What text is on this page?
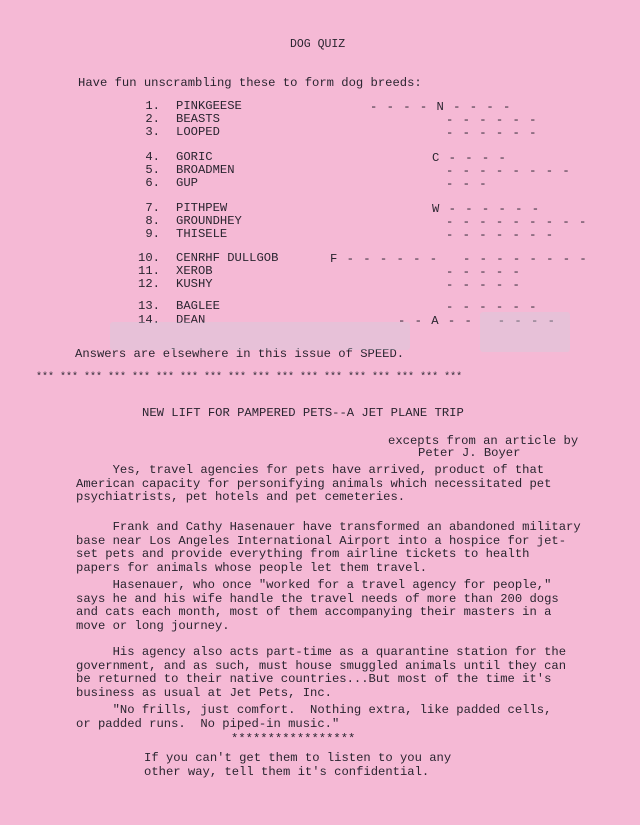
DOG QUIZ
Have fun unscrambling these to form dog breeds:
1. PINKGEESE	- - - - N - - - -
2. BEASTS	- - - - - -
3. LOOPED	- - - - - -
4. GORIC	C - - - -
5. BROADMEN	- - - - - - - -
6. GUP	- - -
7. PITHPEW	W - - - - - -
8. GROUNDHEY	- - - - - - - - -
9. THISELE	- - - - - - -
10. CENRHF DULLGOB	F - - - - - -   - - - - - - - -
11. XEROB	- - - - -
12. KUSHY	- - - - -
13. BAGLEE	- - - - - -
14. DEAN	- - A - -   - - - -
Answers are elsewhere in this issue of SPEED.
*** *** *** *** *** *** *** *** *** *** *** *** *** *** *** *** *** ***
NEW LIFT FOR PAMPERED PETS--A JET PLANE TRIP
excepts from an article by
Peter J. Boyer
Yes, travel agencies for pets have arrived, product of that
American capacity for personifying animals which necessitated pet
psychiatrists, pet hotels and pet cemeteries.
Frank and Cathy Hasenauer have transformed an abandoned military
base near Los Angeles International Airport into a hospice for jet-
set pets and provide everything from airline tickets to health
papers for animals whose people let them travel.
Hasenauer, who once "worked for a travel agency for people,"
says he and his wife handle the travel needs of more than 200 dogs
and cats each month, most of them accompanying their masters in a
move or long journey.
His agency also acts part-time as a quarantine station for the
government, and as such, must house smuggled animals until they can
be returned to their native countries...But most of the time it's
business as usual at Jet Pets, Inc.
"No frills, just comfort.  Nothing extra, like padded cells,
or padded runs.  No piped-in music."
*****************
If you can't get them to listen to you any
other way, tell them it's confidential.
